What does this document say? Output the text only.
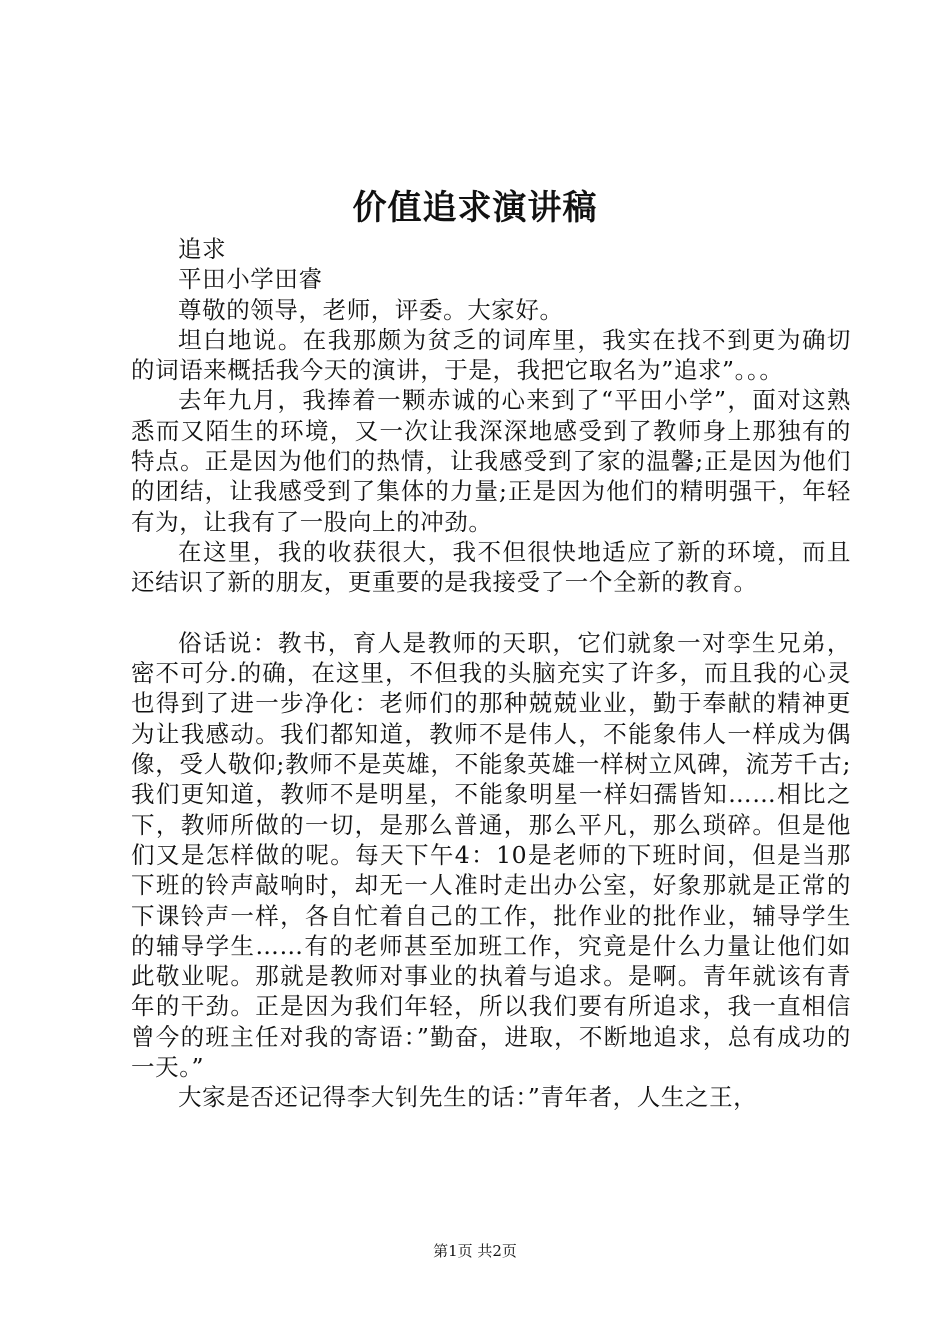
价值追求演讲稿

追求

平田小学田睿

尊敬的领导，老师，评委。大家好。

坦白地说。在我那颇为贫乏的词库里，我实在找不到更为确切的词语来概括我今天的演讲，于是，我把它取名为”追求”。。。

去年九月，我捧着一颗赤诚的心来到了“平田小学”，面对这熟悉而又陌生的环境，又一次让我深深地感受到了教师身上那独有的特点。正是因为他们的热情，让我感受到了家的温馨;正是因为他们的团结，让我感受到了集体的力量;正是因为他们的精明强干，年轻有为，让我有了一股向上的冲劲。

在这里，我的收获很大，我不但很快地适应了新的环境，而且还结识了新的朋友，更重要的是我接受了一个全新的教育。

俗话说：教书，育人是教师的天职，它们就象一对孪生兄弟，密不可分.的确，在这里，不但我的头脑充实了许多，而且我的心灵也得到了进一步净化：老师们的那种兢兢业业，勤于奉献的精神更为让我感动。我们都知道，教师不是伟人，不能象伟人一样成为偶像，受人敬仰;教师不是英雄，不能象英雄一样树立风碑，流芳千古;我们更知道，教师不是明星，不能象明星一样妇孺皆知……相比之下，教师所做的一切，是那么普通，那么平凡，那么琐碎。但是他们又是怎样做的呢。每天下午4：10是老师的下班时间，但是当那下班的铃声敲响时，却无一人准时走出办公室，好象那就是正常的下课铃声一样，各自忙着自己的工作，批作业的批作业，辅导学生的辅导学生……有的老师甚至加班工作，究竟是什么力量让他们如此敬业呢。那就是教师对事业的执着与追求。是啊。青年就该有青年的干劲。正是因为我们年轻，所以我们要有所追求，我一直相信曾今的班主任对我的寄语：”勤奋，进取，不断地追求，总有成功的一天。”

大家是否还记得李大钊先生的话：”青年者，人生之王，

第1页 共2页
